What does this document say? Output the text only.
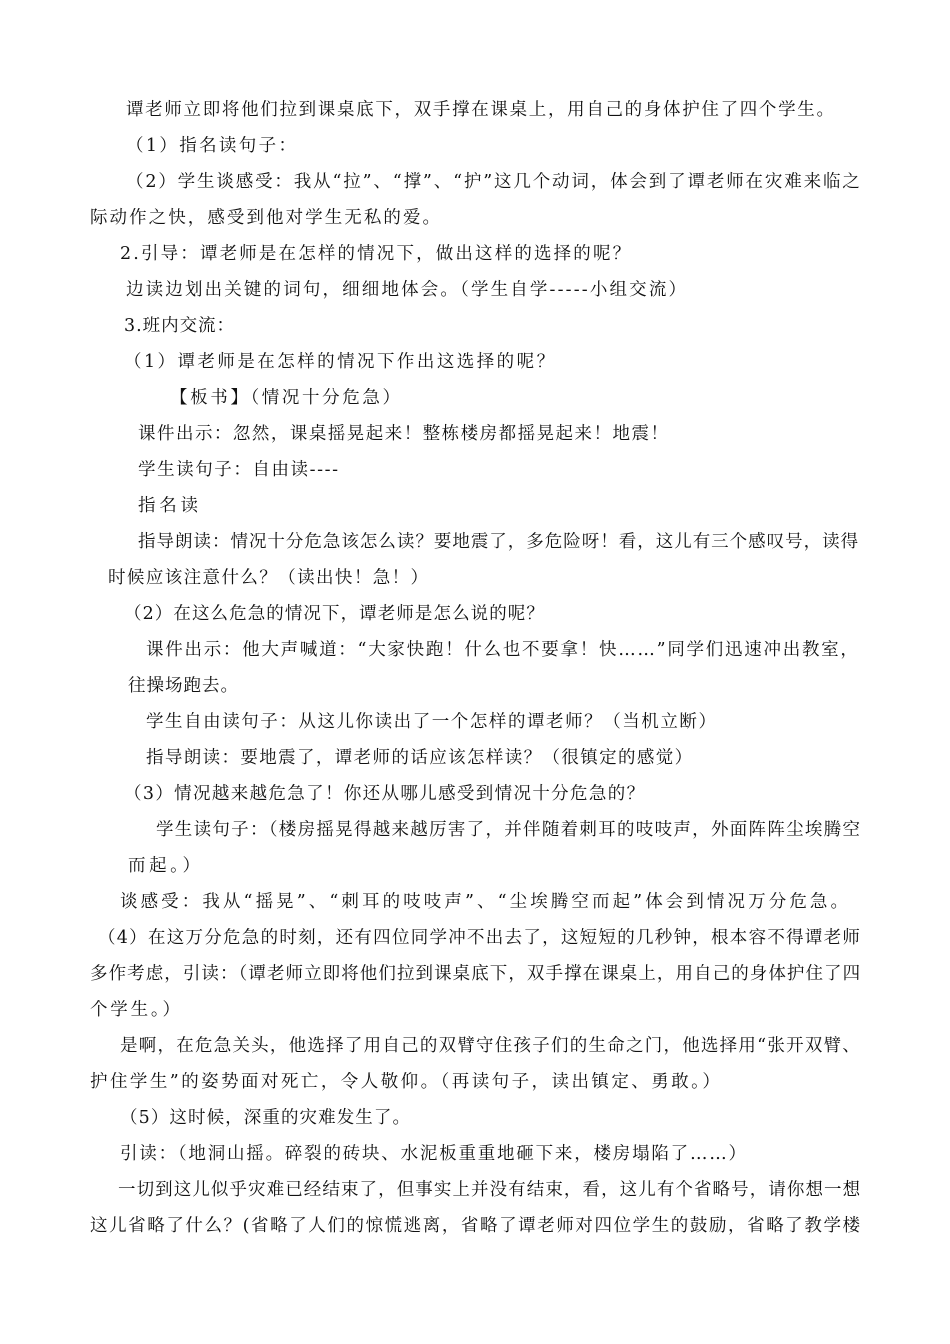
谭老师立即将他们拉到课桌底下，双手撑在课桌上，用自己的身体护住了四个学生。
（1）指名读句子：
（2）学生谈感受：我从“拉”、“撑”、“护”这几个动词，体会到了谭老师在灾难来临之
际动作之快，感受到他对学生无私的爱。
2.引导：谭老师是在怎样的情况下，做出这样的选择的呢？
边读边划出关键的词句，细细地体会。（学生自学-----小组交流）
3.班内交流：
（1）谭老师是在怎样的情况下作出这选择的呢？
【板书】（情况十分危急）
课件出示：忽然，课桌摇晃起来！整栋楼房都摇晃起来！地震！
学生读句子：自由读----
指名读
指导朗读：情况十分危急该怎么读？要地震了，多危险呀！看，这儿有三个感叹号，读得
时候应该注意什么？（读出快！急！）
（2）在这么危急的情况下，谭老师是怎么说的呢？
课件出示：他大声喊道：“大家快跑！什么也不要拿！快……”同学们迅速冲出教室，
往操场跑去。
学生自由读句子：从这儿你读出了一个怎样的谭老师？（当机立断）
指导朗读：要地震了，谭老师的话应该怎样读？（很镇定的感觉）
（3）情况越来越危急了！你还从哪儿感受到情况十分危急的？
学生读句子：（楼房摇晃得越来越厉害了，并伴随着刺耳的吱吱声，外面阵阵尘埃腾空
而起。）
谈感受：我从“摇晃”、“刺耳的吱吱声”、“尘埃腾空而起”体会到情况万分危急。
（4）在这万分危急的时刻，还有四位同学冲不出去了，这短短的几秒钟，根本容不得谭老师
多作考虑，引读：（谭老师立即将他们拉到课桌底下，双手撑在课桌上，用自己的身体护住了四
个学生。）
是啊，在危急关头，他选择了用自己的双臂守住孩子们的生命之门，他选择用“张开双臂、
护住学生”的姿势面对死亡，令人敬仰。（再读句子，读出镇定、勇敢。）
（5）这时候，深重的灾难发生了。
引读：（地洞山摇。碎裂的砖块、水泥板重重地砸下来，楼房塌陷了……）
一切到这儿似乎灾难已经结束了，但事实上并没有结束，看，这儿有个省略号，请你想一想
这儿省略了什么？(省略了人们的惊慌逃离，省略了谭老师对四位学生的鼓励，省略了教学楼
